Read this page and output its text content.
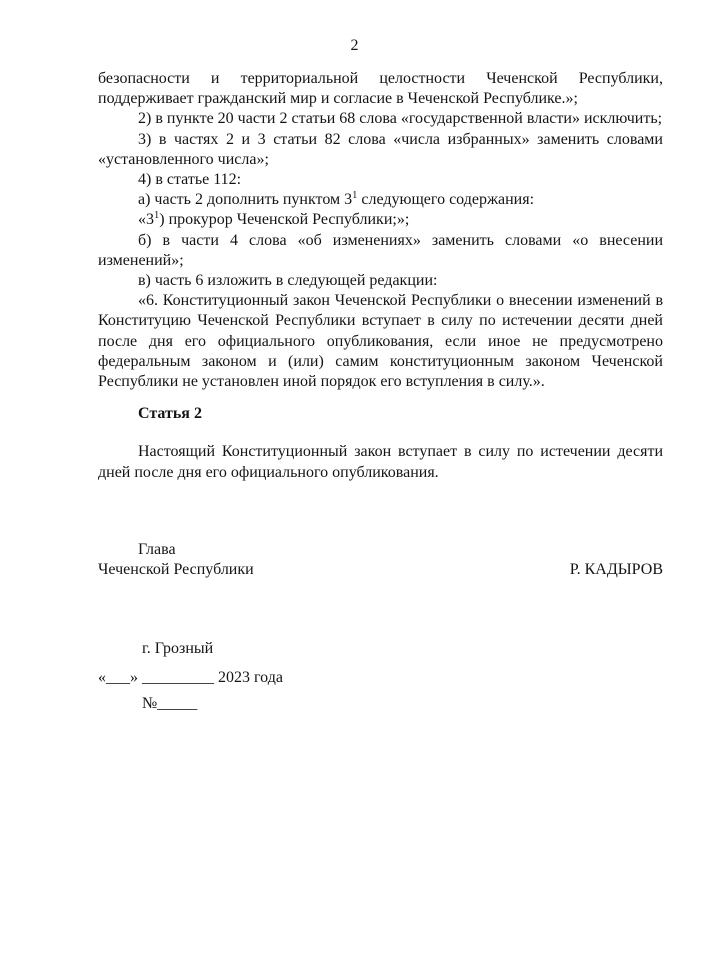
2

безопасности и территориальной целостности Чеченской Республики, поддерживает гражданский мир и согласие в Чеченской Республике.»;

2) в пункте 20 части 2 статьи 68 слова «государственной власти» исключить;

3) в частях 2 и 3 статьи 82 слова «числа избранных» заменить словами «установленного числа»;

4) в статье 112:

а) часть 2 дополнить пунктом $3^1$ следующего содержания:

«$3^1$) прокурор Чеченской Республики;»;

б) в части 4 слова «об изменениях» заменить словами «о внесении изменений»;

в) часть 6 изложить в следующей редакции:

«6. Конституционный закон Чеченской Республики о внесении изменений в Конституцию Чеченской Республики вступает в силу по истечении десяти дней после дня его официального опубликования, если иное не предусмотрено федеральным законом и (или) самим конституционным законом Чеченской Республики не установлен иной порядок его вступления в силу.».

Статья 2

Настоящий Конституционный закон вступает в силу по истечении десяти дней после дня его официального опубликования.

Глава
Чеченской Республики	Р. КАДЫРОВ
г. Грозный
«___» _________ 2023 года
№_____
